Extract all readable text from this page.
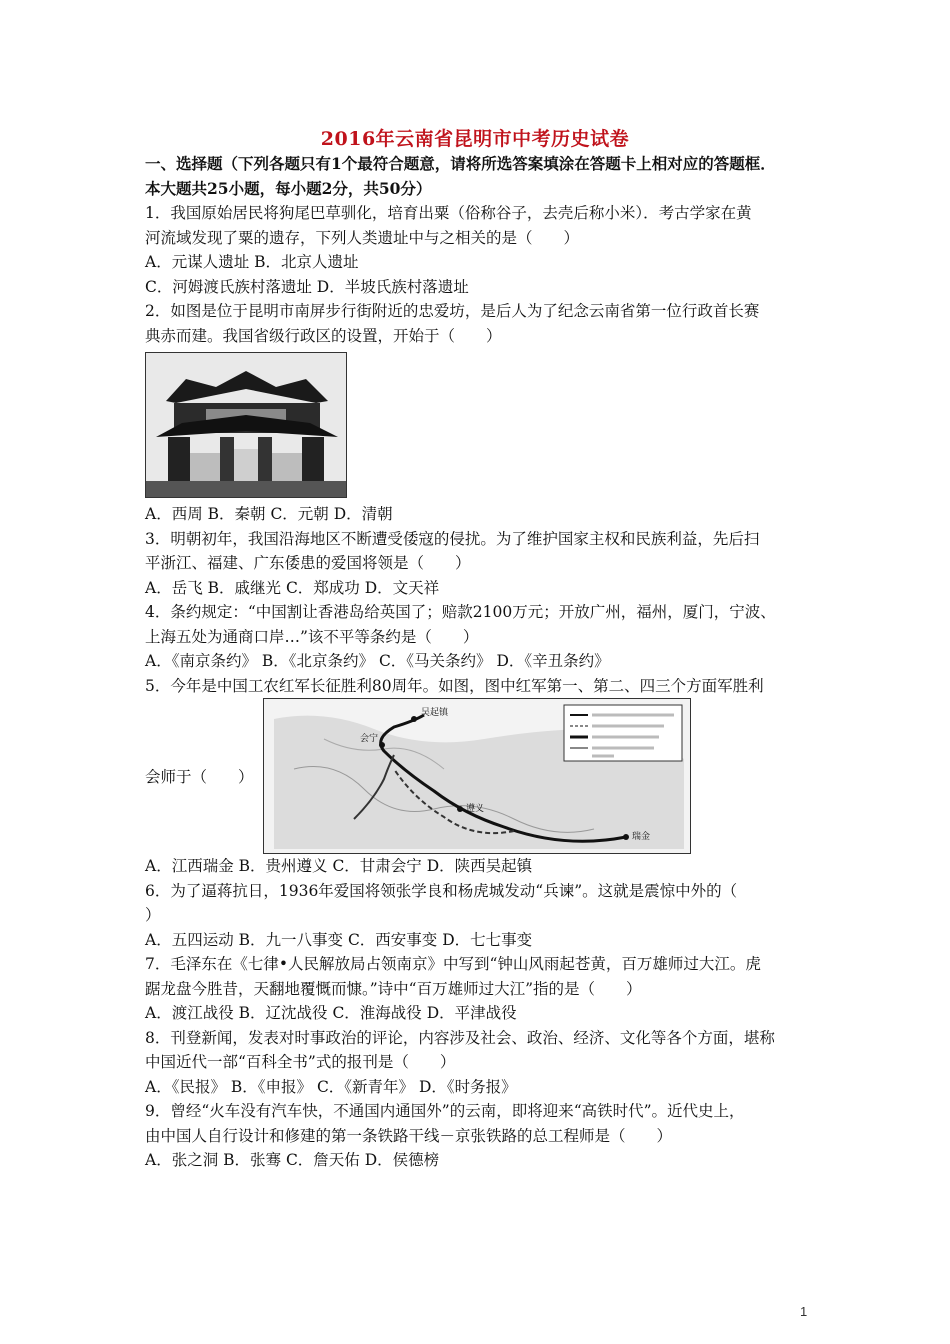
2016年云南省昆明市中考历史试卷
一、选择题（下列各题只有1个最符合题意，请将所选答案填涂在答题卡上相对应的答题框．
本大题共25小题，每小题2分，共50分）
1．我国原始居民将狗尾巴草驯化，培育出粟（俗称谷子，去壳后称小米）．考古学家在黄
河流域发现了粟的遗存，下列人类遗址中与之相关的是（　　）
A．元谋人遗址 B．北京人遗址
C．河姆渡氏族村落遗址 D．半坡氏族村落遗址
2．如图是位于昆明市南屏步行街附近的忠爱坊，是后人为了纪念云南省第一位行政首长赛
典赤而建。我国省级行政区的设置，开始于（　　）
A．西周 B．秦朝 C．元朝 D．清朝
3．明朝初年，我国沿海地区不断遭受倭寇的侵扰。为了维护国家主权和民族利益，先后扫
平浙江、福建、广东倭患的爱国将领是（　　）
A．岳飞 B．戚继光 C．郑成功 D．文天祥
4．条约规定：“中国割让香港岛给英国了；赔款2100万元；开放广州，福州，厦门，宁波、
上海五处为通商口岸…”该不平等条约是（　　）
A．《南京条约》 B．《北京条约》 C．《马关条约》 D．《辛丑条约》
5．今年是中国工农红军长征胜利80周年。如图，图中红军第一、第二、四三个方面军胜利
会师于（　　）
吴起镇
会宁
遵义
瑞金
A．江西瑞金 B．贵州遵义 C．甘肃会宁 D．陕西吴起镇
6．为了逼蒋抗日，1936年爱国将领张学良和杨虎城发动“兵谏”。这就是震惊中外的（
）
A．五四运动 B．九一八事变 C．西安事变 D．七七事变
7．毛泽东在《七律•人民解放局占领南京》中写到“钟山风雨起苍黄，百万雄师过大江。虎
踞龙盘今胜昔，天翻地覆慨而慷。”诗中“百万雄师过大江”指的是（　　）
A．渡江战役 B．辽沈战役 C．淮海战役 D．平津战役
8．刊登新闻，发表对时事政治的评论，内容涉及社会、政治、经济、文化等各个方面，堪称
中国近代一部“百科全书”式的报刊是（　　）
A．《民报》 B．《申报》 C．《新青年》 D．《时务报》
9．曾经“火车没有汽车快，不通国内通国外”的云南，即将迎来“高铁时代”。近代史上，
由中国人自行设计和修建的第一条铁路干线－京张铁路的总工程师是（　　）
A．张之洞 B．张骞 C．詹天佑 D．侯德榜
1
